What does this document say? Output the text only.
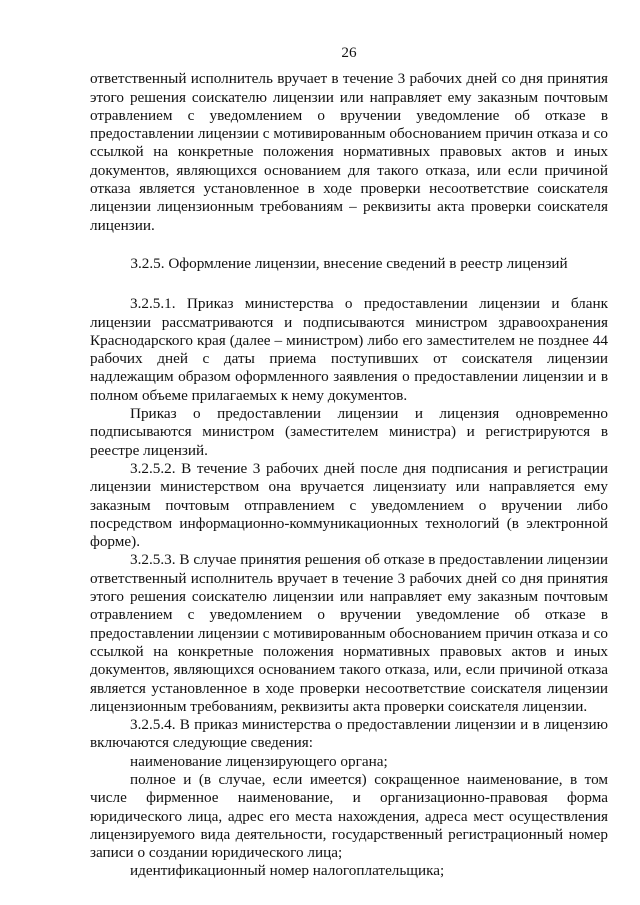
26

ответственный исполнитель вручает в течение 3 рабочих дней со дня принятия этого решения соискателю лицензии или направляет ему заказным почтовым отравлением с уведомлением о вручении уведомление об отказе в предоставлении лицензии с мотивированным обоснованием причин отказа и со ссылкой на конкретные положения нормативных правовых актов и иных документов, являющихся основанием для такого отказа, или если причиной отказа является установленное в ходе проверки несоответствие соискателя лицензии лицензионным требованиям – реквизиты акта проверки соискателя лицензии.

3.2.5. Оформление лицензии, внесение сведений в реестр лицензий

3.2.5.1. Приказ министерства о предоставлении лицензии и бланк лицензии рассматриваются и подписываются министром здравоохранения Краснодарского края (далее – министром) либо его заместителем не позднее 44 рабочих дней с даты приема поступивших от соискателя лицензии надлежащим образом оформленного заявления о предоставлении лицензии и в полном объеме прилагаемых к нему документов.

Приказ о предоставлении лицензии и лицензия одновременно подписываются министром (заместителем министра) и регистрируются в реестре лицензий.

3.2.5.2. В течение 3 рабочих дней после дня подписания и регистрации лицензии министерством она вручается лицензиату или направляется ему заказным почтовым отправлением с уведомлением о вручении либо посредством информационно-коммуникационных технологий (в электронной форме).

3.2.5.3. В случае принятия решения об отказе в предоставлении лицензии ответственный исполнитель вручает в течение 3 рабочих дней со дня принятия этого решения соискателю лицензии или направляет ему заказным почтовым отравлением с уведомлением о вручении уведомление об отказе в предоставлении лицензии с мотивированным обоснованием причин отказа и со ссылкой на конкретные положения нормативных правовых актов и иных документов, являющихся основанием такого отказа, или, если причиной отказа является установленное в ходе проверки несоответствие соискателя лицензии лицензионным требованиям, реквизиты акта проверки соискателя лицензии.

3.2.5.4. В приказ министерства о предоставлении лицензии и в лицензию включаются следующие сведения:

наименование лицензирующего органа;

полное и (в случае, если имеется) сокращенное наименование, в том числе фирменное наименование, и организационно-правовая форма юридического лица, адрес его места нахождения, адреса мест осуществления лицензируемого вида деятельности, государственный регистрационный номер записи о создании юридического лица;

идентификационный номер налогоплательщика;
